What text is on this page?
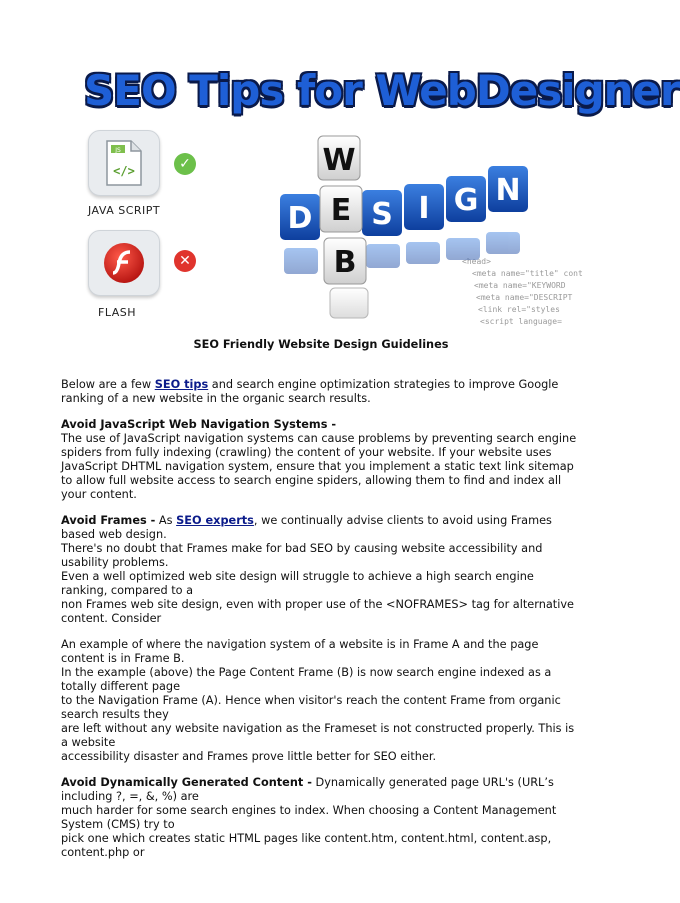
SEO Tips for WebDesigner
JS
</>
JAVA SCRIPT
✓
FLASH
✕	<head>
<meta name="title" cont
<meta name="KEYWORD
<meta name="DESCRIPT
<link rel="styles
<script language=
D S I G N
W
E
B

SEO Friendly Website Design Guidelines

Below are a few SEO tips and search engine optimization strategies to improve Google ranking of a new website in the organic search results.

Avoid JavaScript Web Navigation Systems -
The use of JavaScript navigation systems can cause problems by preventing search engine spiders from fully indexing (crawling) the content of your website. If your website uses JavaScript DHTML navigation system, ensure that you implement a static text link sitemap to allow full website access to search engine spiders, allowing them to find and index all your content.

Avoid Frames - As SEO experts, we continually advise clients to avoid using Frames based web design.
There's no doubt that Frames make for bad SEO by causing website accessibility and usability problems.
Even a well optimized web site design will struggle to achieve a high search engine ranking, compared to a
non Frames web site design, even with proper use of the <NOFRAMES> tag for alternative content. Consider

An example of where the navigation system of a website is in Frame A and the page content is in Frame B.
In the example (above) the Page Content Frame (B) is now search engine indexed as a totally different page
to the Navigation Frame (A). Hence when visitor's reach the content Frame from organic search results they
are left without any website navigation as the Frameset is not constructed properly. This is a website
accessibility disaster and Frames prove little better for SEO either.

Avoid Dynamically Generated Content - Dynamically generated page URL's (URL’s including ?, =, &, %) are
much harder for some search engines to index. When choosing a Content Management System (CMS) try to
pick one which creates static HTML pages like content.htm, content.html, content.asp, content.php or
